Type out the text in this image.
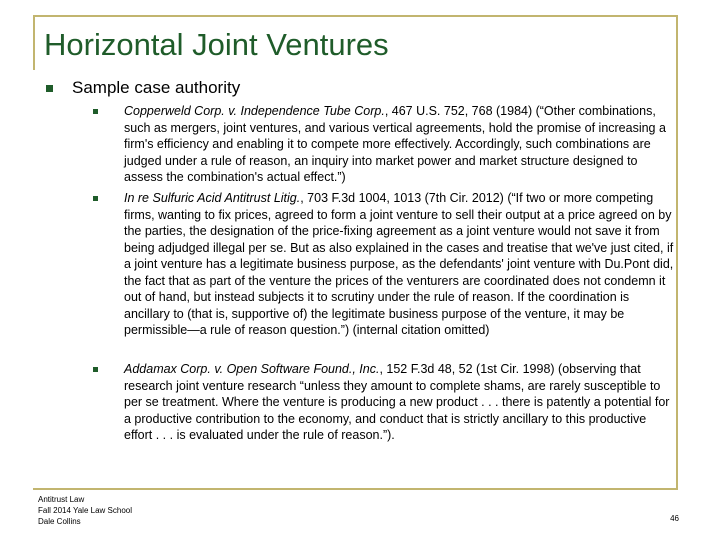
Horizontal Joint Ventures
Sample case authority
Copperweld Corp. v. Independence Tube Corp., 467 U.S. 752, 768 (1984) (“Other combinations, such as mergers, joint ventures, and various vertical agreements, hold the promise of increasing a firm's efficiency and enabling it to compete more effectively. Accordingly, such combinations are judged under a rule of reason, an inquiry into market power and market structure designed to assess the combination's actual effect.”)
In re Sulfuric Acid Antitrust Litig., 703 F.3d 1004, 1013 (7th Cir. 2012) (“If two or more competing firms, wanting to fix prices, agreed to form a joint venture to sell their output at a price agreed on by the parties, the designation of the price-fixing agreement as a joint venture would not save it from being adjudged illegal per se. But as also explained in the cases and treatise that we've just cited, if a joint venture has a legitimate business purpose, as the defendants' joint venture with Du.Pont did, the fact that as part of the venture the prices of the venturers are coordinated does not condemn it out of hand, but instead subjects it to scrutiny under the rule of reason. If the coordination is ancillary to (that is, supportive of) the legitimate business purpose of the venture, it may be permissible—a rule of reason question.”) (internal citation omitted)
Addamax Corp. v. Open Software Found., Inc., 152 F.3d 48, 52 (1st Cir. 1998) (observing that research joint venture research “unless they amount to complete shams, are rarely susceptible to per se treatment. Where the venture is producing a new product . . . there is patently a potential for a productive contribution to the economy, and conduct that is strictly ancillary to this productive effort . . . is evaluated under the rule of reason.”).
Antitrust Law
Fall 2014 Yale Law School
Dale Collins	46
